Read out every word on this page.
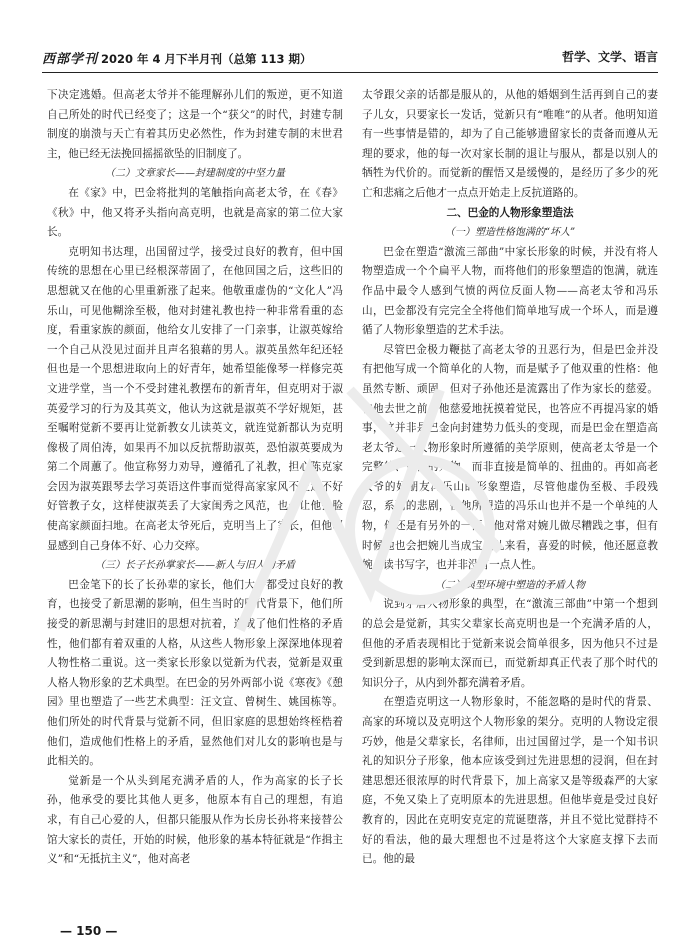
西部学刊 2020 年 4 月下半月刊（总第 113 期）	哲学、文学、语言

下决定逃婚。但高老太爷并不能理解孙儿们的叛逆，更不知道自己所处的时代已经变了；这是一个“获父”的时代，封建专制制度的崩溃与天亡有着其历史必然性，作为封建专制的末世君主，他已经无法挽回摇摇欲坠的旧制度了。

（二）文章家长——封建制度的中坚力量

在《家》中，巴金将批判的笔触指向高老太爷，在《春》《秋》中，他又将矛头指向高克明，也就是高家的第二位大家长。

克明知书达理，出国留过学，接受过良好的教育，但中国传统的思想在心里已经根深蒂固了，在他回国之后，这些旧的思想就又在他的心里重新涨了起来。他敬重虚伪的“文化人”冯乐山，可见他糊涂至极，他对封建礼教也持一种非常看重的态度，看重家族的颜面，他给女儿安排了一门亲事，让淑英嫁给一个自己从没见过面并且声名狼藉的男人。淑英虽然年纪还轻但也是一个思想进取向上的好青年，她希望能像琴一样修完英文进学堂，当一个不受封建礼教摆布的新青年，但克明对于淑英爱学习的行为及其英文，他认为这就是淑英不学好规矩，甚至嘱咐觉新不要再让觉新教女儿读英文，就连觉新都认为克明像极了周伯涛，如果再不加以反抗帮助淑英，恐怕淑英要成为第二个周蕙了。他宣称努力劝导，遵循孔了礼教，担心陈克家会因为淑英跟琴去学习英语这件事而觉得高家家风不正还不好好管教子女，这样使淑英丢了大家闺秀之风范，也会让他丢脸使高家颜面扫地。在高老太爷死后，克明当上了家长，但他明显感到自己身体不好、心力交瘁。

（三）长子长孙掌家长——新人与旧人的矛盾

巴金笔下的长了长孙辈的家长，他们大多都受过良好的教育，也接受了新思潮的影响，但生当时的时代背景下，他们所接受的新思潮与封建旧的思想对抗着，造成了他们性格的矛盾性，他们都有着双重的人格，从这些人物形象上深深地体现着人物性格二重说。这一类家长形象以觉新为代表，觉新是双重人格人物形象的艺术典型。在巴金的另外两部小说《寒夜》《憩园》里也塑造了一些艺术典型：汪文宣、曾树生、姚国栋等。他们所处的时代背景与觉新不同，但旧家庭的思想始终桎梏着他们，造成他们性格上的矛盾，显然他们对儿女的影响也是与此相关的。

觉新是一个从头到尾充满矛盾的人，作为高家的长子长孙，他承受的要比其他人更多，他原本有自己的理想，有追求，有自己心爱的人，但都只能服从作为长房长孙将来接替公馆大家长的责任，开始的时候，他形象的基本特征就是“作揖主义”和“无抵抗主义”，他对高老

太爷跟父亲的话都是服从的，从他的婚姻到生活再到自己的妻子儿女，只要家长一发话，觉新只有“唯唯”的从者。他明知道有一些事情是错的，却为了自己能够遗留家长的责备而遵从无理的要求，他的每一次对家长制的退让与服从，都是以别人的牺牲为代价的。而觉新的醒悟又是缓慢的，是经历了多少的死亡和悲痛之后他才一点点开始走上反抗道路的。

二、巴金的人物形象塑造法

（一）塑造性格饱满的“坏人”

巴金在塑造“激流三部曲”中家长形象的时候，并没有将人物塑造成一个个扁平人物，而将他们的形象塑造的饱满，就连作品中最令人感到气愤的两位反面人物——高老太爷和冯乐山，巴金都没有完完全全将他们简单地写成一个坏人，而是遵循了人物形象塑造的艺术手法。

尽管巴金极力鞭挞了高老太爷的丑恶行为，但是巴金并没有把他写成一个简单化的人物，而是赋予了他双重的性格：他虽然专断、顽固，但对子孙他还是流露出了作为家长的慈爱。在他去世之前，他慈爱地抚摸着觉民，也答应不再提冯家的婚事，这并非是巴金向封建势力低头的变现，而是巴金在塑造高老太爷这一人物形象时所遵循的美学原则，使高老太爷是一个完整的、饱满的人物，而非直接是简单的、扭曲的。再如高老太爷的好朋友冯乐山的形象塑造，尽管他虚伪至极、手段残忍，系列的悲剧，但他所塑造的冯乐山也并不是一个单纯的人物，他还是有另外的一面，他对常对婉儿做尽糟践之事，但有时候他也会把婉儿当成宝贝儿来看，喜爱的时候，他还愿意教婉儿读书写字，也并非没有一点人性。

（二）典型环境中塑造的矛盾人物

说到矛盾人物形象的典型，在“激流三部曲”中第一个想到的总会是觉新，其实父辈家长高克明也是一个充满矛盾的人，但他的矛盾表现相比于觉新来说会简单很多，因为他只不过是受到新思想的影响太深而已，而觉新却真正代表了那个时代的知识分子，从内到外都充满着矛盾。

在塑造克明这一人物形象时，不能忽略的是时代的背景、高家的环境以及克明这个人物形象的架分。克明的人物设定很巧妙，他是父辈家长，名律师，出过国留过学，是一个知书识礼的知识分子形象，他本应该受到过先进思想的浸润，但在封建思想还很浓厚的时代背景下，加上高家又是等级森严的大家庭，不免又染上了克明原本的先进思想。但他毕竟是受过良好教育的，因此在克明安克定的荒诞堕落，并且不觉比觉群持不好的看法，他的最大理想也不过是将这个大家庭支撑下去而已。他的最

— 150 —
